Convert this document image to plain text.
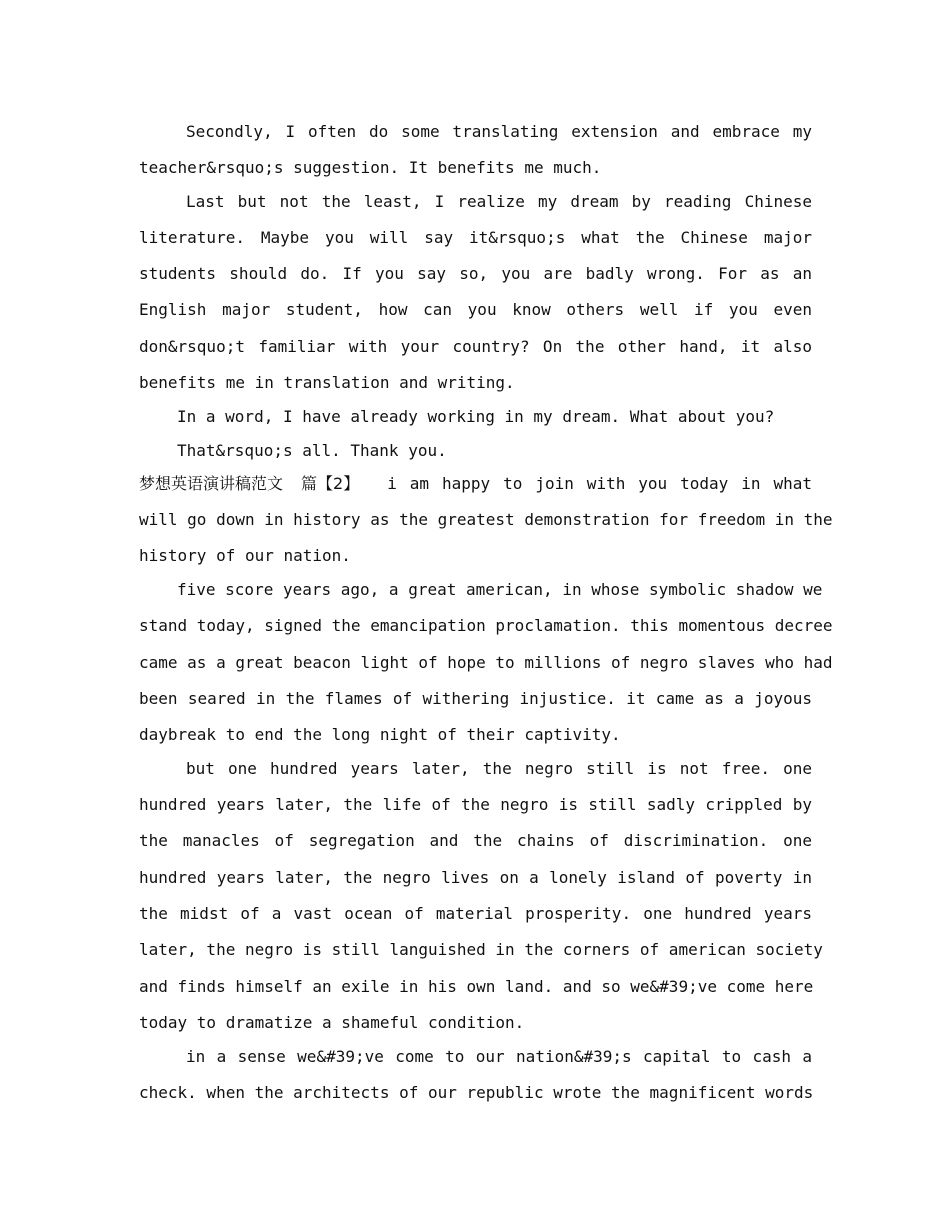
Secondly, I often do some translating extension and embrace my
teacher&rsquo;s suggestion. It benefits me much.
Last but not the least, I realize my dream by reading Chinese
literature. Maybe you will say it&rsquo;s what the Chinese major
students should do. If you say so, you are badly wrong. For as an
English major student, how can you know others well if you even
don&rsquo;t familiar with your country? On the other hand, it also
benefits me in translation and writing.
In a word, I have already working in my dream. What about you?
That&rsquo;s all. Thank you.
梦想英语演讲稿范文 篇【2】 i am happy to join with you today in what
will go down in history as the greatest demonstration for freedom in the
history of our nation.
five score years ago, a great american, in whose symbolic shadow we
stand today, signed the emancipation proclamation. this momentous decree
came as a great beacon light of hope to millions of negro slaves who had
been seared in the flames of withering injustice. it came as a joyous
daybreak to end the long night of their captivity.
but one hundred years later, the negro still is not free. one
hundred years later, the life of the negro is still sadly crippled by
the manacles of segregation and the chains of discrimination. one
hundred years later, the negro lives on a lonely island of poverty in
the midst of a vast ocean of material prosperity. one hundred years
later, the negro is still languished in the corners of american society
and finds himself an exile in his own land. and so we&#39;ve come here
today to dramatize a shameful condition.
in a sense we&#39;ve come to our nation&#39;s capital to cash a
check. when the architects of our republic wrote the magnificent words
